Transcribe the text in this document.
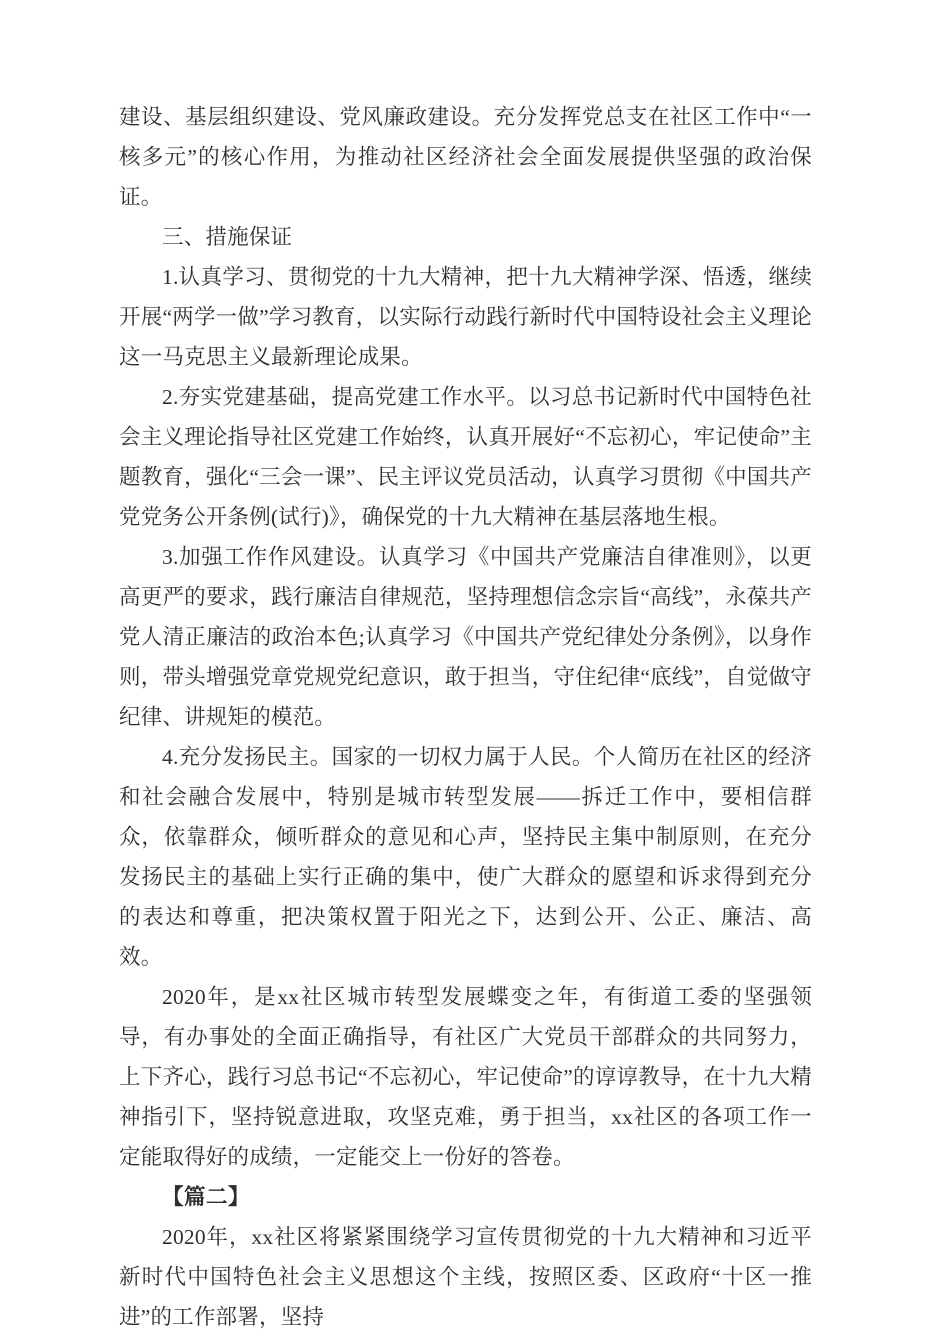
建设、基层组织建设、党风廉政建设。充分发挥党总支在社区工作中“一核多元”的核心作用，为推动社区经济社会全面发展提供坚强的政治保证。

三、措施保证

1.认真学习、贯彻党的十九大精神，把十九大精神学深、悟透，继续开展“两学一做”学习教育，以实际行动践行新时代中国特设社会主义理论这一马克思主义最新理论成果。

2.夯实党建基础，提高党建工作水平。以习总书记新时代中国特色社会主义理论指导社区党建工作始终，认真开展好“不忘初心，牢记使命”主题教育，强化“三会一课”、民主评议党员活动，认真学习贯彻《中国共产党党务公开条例(试行)》，确保党的十九大精神在基层落地生根。

3.加强工作作风建设。认真学习《中国共产党廉洁自律准则》，以更高更严的要求，践行廉洁自律规范，坚持理想信念宗旨“高线”，永葆共产党人清正廉洁的政治本色;认真学习《中国共产党纪律处分条例》，以身作则，带头增强党章党规党纪意识，敢于担当，守住纪律“底线”，自觉做守纪律、讲规矩的模范。

4.充分发扬民主。国家的一切权力属于人民。个人简历在社区的经济和社会融合发展中，特别是城市转型发展——拆迁工作中，要相信群众，依靠群众，倾听群众的意见和心声，坚持民主集中制原则，在充分发扬民主的基础上实行正确的集中，使广大群众的愿望和诉求得到充分的表达和尊重，把决策权置于阳光之下，达到公开、公正、廉洁、高效。

2020年，是xx社区城市转型发展蝶变之年，有街道工委的坚强领导，有办事处的全面正确指导，有社区广大党员干部群众的共同努力，上下齐心，践行习总书记“不忘初心，牢记使命”的谆谆教导，在十九大精神指引下，坚持锐意进取，攻坚克难，勇于担当，xx社区的各项工作一定能取得好的成绩，一定能交上一份好的答卷。

【篇二】

2020年，xx社区将紧紧围绕学习宣传贯彻党的十九大精神和习近平新时代中国特色社会主义思想这个主线，按照区委、区政府“十区一推进”的工作部署，坚持
